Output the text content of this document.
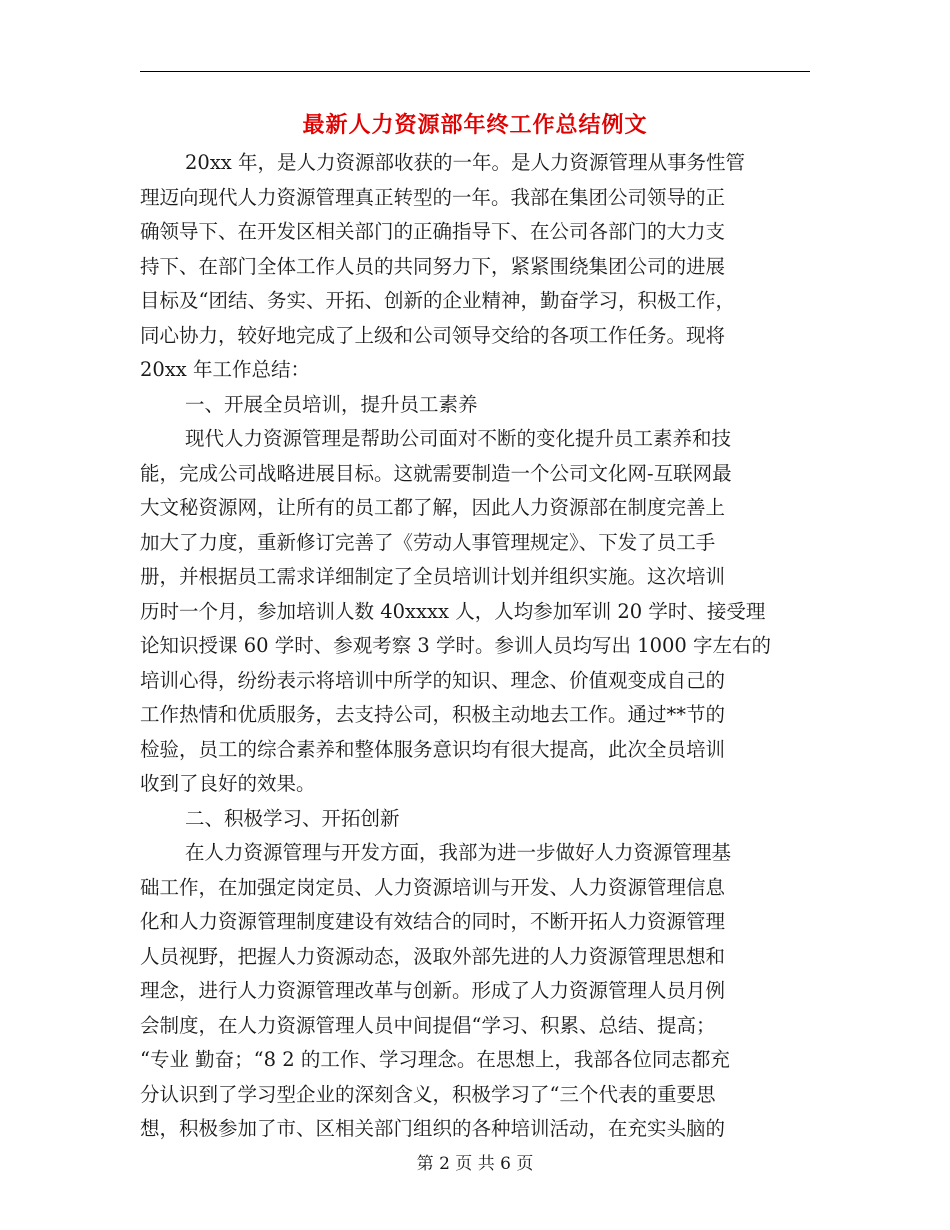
最新人力资源部年终工作总结例文
20xx 年，是人力资源部收获的一年。是人力资源管理从事务性管
理迈向现代人力资源管理真正转型的一年。我部在集团公司领导的正
确领导下、在开发区相关部门的正确指导下、在公司各部门的大力支
持下、在部门全体工作人员的共同努力下，紧紧围绕集团公司的进展
目标及“团结、务实、开拓、创新的企业精神，勤奋学习，积极工作，
同心协力，较好地完成了上级和公司领导交给的各项工作任务。现将
20xx 年工作总结：
一、开展全员培训，提升员工素养
现代人力资源管理是帮助公司面对不断的变化提升员工素养和技
能，完成公司战略进展目标。这就需要制造一个公司文化网-互联网最
大文秘资源网，让所有的员工都了解，因此人力资源部在制度完善上
加大了力度，重新修订完善了《劳动人事管理规定》、下发了员工手
册，并根据员工需求详细制定了全员培训计划并组织实施。这次培训
历时一个月，参加培训人数 40xxxx 人，人均参加军训 20 学时、接受理
论知识授课 60 学时、参观考察 3 学时。参训人员均写出 1000 字左右的
培训心得，纷纷表示将培训中所学的知识、理念、价值观变成自己的
工作热情和优质服务，去支持公司，积极主动地去工作。通过**节的
检验，员工的综合素养和整体服务意识均有很大提高，此次全员培训
收到了良好的效果。
二、积极学习、开拓创新
在人力资源管理与开发方面，我部为进一步做好人力资源管理基
础工作，在加强定岗定员、人力资源培训与开发、人力资源管理信息
化和人力资源管理制度建设有效结合的同时，不断开拓人力资源管理
人员视野，把握人力资源动态，汲取外部先进的人力资源管理思想和
理念，进行人力资源管理改革与创新。形成了人力资源管理人员月例
会制度，在人力资源管理人员中间提倡“学习、积累、总结、提高；
“专业 勤奋；“8 2 的工作、学习理念。在思想上，我部各位同志都充
分认识到了学习型企业的深刻含义，积极学习了“三个代表的重要思
想，积极参加了市、区相关部门组织的各种培训活动，在充实头脑的
第 2 页 共 6 页
